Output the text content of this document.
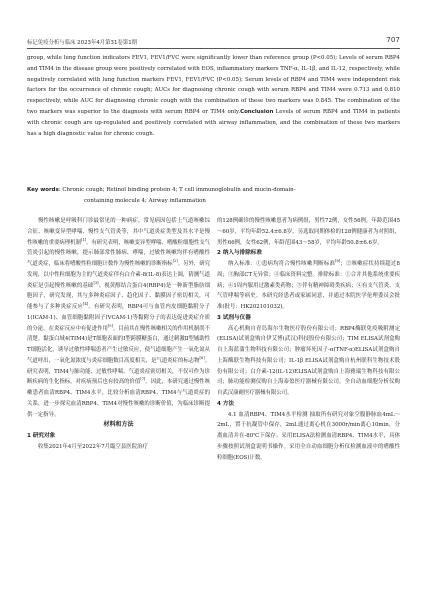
标记免疫分析与临床 2023年4月第31卷第1期	707

group, while lung function indicators FEV1, FEV1/FVC were significantly lower than reference group (P<0.05); Levels of serum RBP4 and TIM4 in the disease group were positively correlated with EOS, inflammatory markers TNF-α, IL-1β, and IL-12, respectively, while negatively correlated with lung function markers FEV1, FEV1/FVC (P<0.05); Serum levels of RBP4 and TIM4 were independent risk factors for the occurrence of chronic cough; AUCs for diagnosing chronic cough with serum RBP4 and TIM4 were 0.713 and 0.810 respectively, while AUC for diagnosing chronic cough with the combination of these two markers was 0.845. The combination of the two markers was superior to the diagnosis with serum RBP4 or TIM4 only.Conclusion Levels of serum RBP4 and TIM4 in patients with chronic cough are up-regulated and positively correlated with airway inflammation, and the combination of these two markers has a high diagnostic value for chronic cough.

Key words: Chronic cough; Retinol binding protein 4; T cell immunoglobulin and mucin-domain-
containing molecule 4; Airway inflammation

慢性咳嗽是呼吸科门诊最常见的一种病症，常见病因包括上气道咳嗽综合征、咳嗽变异型哮喘、慢性支气管炎等，其中气道炎症类型及其水平是慢性咳嗽的重要病理机制[1]。有研究表明，咳嗽变异型哮喘、嗜酸粒细胞性支气管炎引起的慢性咳嗽，提示肺部常性肺病、哮喘，过敏性咳嗽均伴有嗜酸性气道炎症，临床将嗜酸性粒细胞计数作为慢性咳嗽的诊断指标[2]。另外，研究发现，以中性粒细胞为主的气道炎症伴有白介素-8(IL-8)表达上调，猜测气道炎症是引起慢性咳嗽的基础[3]。视黄醇结合蛋白4(RBP4)是一种新型脂肪细胞因子，研究发现，其与多种炎症因子、趋化因子、黏膜因子密切相关，可能参与了多种炎症反应[4]。有研究表明，RBP4可与血管内皮细胞黏附分子1(ICAM-1)、血管细胞黏附因子(VCAM-1)等黏附分子的表达促进炎症介质的分泌，在炎症反应中有促进作用[5]。目前其在慢性咳嗽相关的作用机制尚不清楚。黏蛋白域4(TIM4)是T细胞表面的Ⅰ型跨膜糖蛋白，通过刺激Ⅱ型辅助性T细胞活化，诱导过敏性哮喘患者产生过敏反应，使气道细胞产生一氧化氮从气道呼出，一氧化氮浓度与炎症细胞数目高度相关，是气道炎症的标志物[6]。研究表明，TIM4与肺功能、过敏性哮喘、气道炎症密切相关，不仅可作为诊断疾病的生化指标，对疾病预后也有较高的价值[7]。因此，本研究通过慢性咳嗽患者血清RBP4、TIM4水平，比较分析血清RBP4、TIM4与气道炎症的关系，进一步探究血清RBP4、TIM4对慢性咳嗽的诊断价值，为临床诊断提供一定指导。

材料和方法

1 研究对象

收集2021年4月至2022年7月臨空县医院治疗

的128例确诊的慢性咳嗽患者为病例组，男性72例，女性56例，年龄范围45～60岁，平均年龄52.4±6.8岁。另选取同期体检的128例健康者为对照组，男性66例，女性62例，年龄范围43～58岁，平均年龄50.8±6.6岁。

2 纳入与排除标准

纳入标准：①患病均符合慢性咳嗽判断标准[8]；②咳嗽症状持续超过8周；③胸部CT无异常；④临床资料完整。排除标准：①合并其他系统重要疾病；④1周内服用过激素类药物；③伴有精神障碍类疾病；④有支气管炎、支气管哮喘等病史。本研究经患者或家属同意，并通过本院医学伦理委员会批准(批号：HK202101032)。

3 试剂与仪器

高心机购自青岛海尔生物医疗股份有限公司；RBP4酶联免疫吸附测定(ELISA)试剂盒购自伊艾博(武汉)科技股份有限公司；TIM ELISA试剂盒购自上海蓝蒲生物科技有限公司；肿瘤坏死因子-α(TNF-α)ELISA试剂盒购自上海酶联生物科技有限公司；IL-1β ELISA试剂盒购自杭州联科生物技术股份有限公司；白介素-12(IL-12)ELISA试剂盒购自上海雅瑞生物科技有限公司；肺功能检测仪购自上海泰盈医疗器械有限公司。全自动血细胞分析仪购自武汉康耐医疗器械有限公司。

4 方法

4.1 血清RBP4、TIM4水平检测 抽取所有研究对象空腹静脉血4mL～2mL，置于抗凝管中保存，2mL通过离心机在3000r/min离心10min，分离血清并在-80℃下保存。采用ELISA法检测血清RBP4、TIM4水平，具体步骤按照试剂盒说明书操作。采用全自动血细胞分析仪检测血液中的嗜酸性粒细胞(EOS)计数。
